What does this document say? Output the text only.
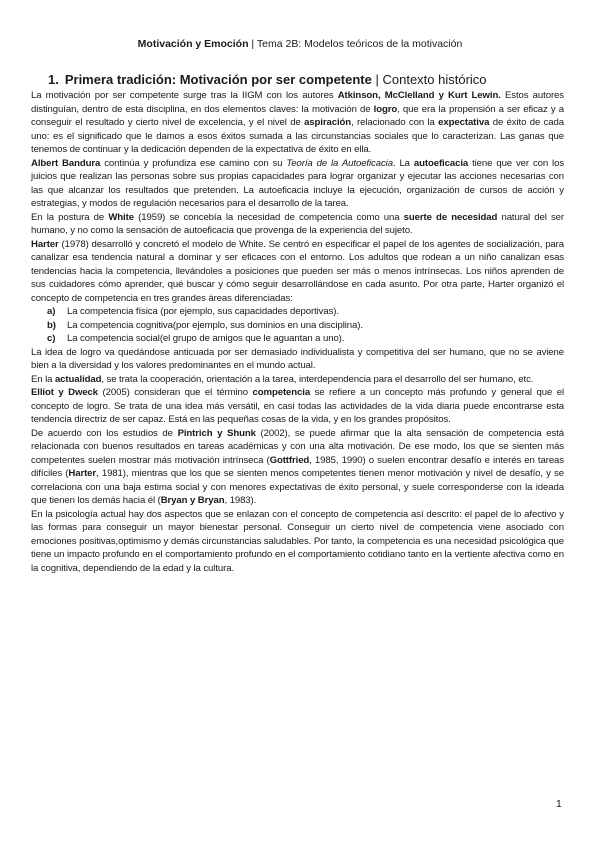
Motivación y Emoción | Tema 2B: Modelos teóricos de la motivación
1. Primera tradición: Motivación por ser competente | Contexto histórico

La motivación por ser competente surge tras la IIGM con los autores Atkinson, McClelland y Kurt Lewin. Estos autores distinguían, dentro de esta disciplina, en dos elementos claves: la motivación de logro, que era la propensión a ser eficaz y a conseguir el resultado y cierto nivel de excelencia, y el nivel de aspiración, relacionado con la expectativa de éxito de cada uno: es el significado que le damos a esos éxitos sumada a las circunstancias sociales que lo caracterizan. Las ganas que tenemos de continuar y la dedicación dependen de la expectativa de éxito en ella.

Albert Bandura continúa y profundiza ese camino con su Teoría de la Autoeficacia. La autoeficacia tiene que ver con los juicios que realizan las personas sobre sus propias capacidades para lograr organizar y ejecutar las acciones necesarias con las que alcanzar los resultados que pretenden. La autoeficacia incluye la ejecución, organización de cursos de acción y estrategias, y modos de regulación necesarios para el desarrollo de la tarea.

En la postura de White (1959) se concebía la necesidad de competencia como una suerte de necesidad natural del ser humano, y no como la sensación de autoeficacia que provenga de la experiencia del sujeto.

Harter (1978) desarrolló y concretó el modelo de White. Se centró en especificar el papel de los agentes de socialización, para canalizar esa tendencia natural a dominar y ser eficaces con el entorno. Los adultos que rodean a un niño canalizan esas tendencias hacia la competencia, llevándoles a posiciones que pueden ser más o menos intrínsecas. Los niños aprenden de sus cuidadores cómo aprender, qué buscar y cómo seguir desarrollándose en cada asunto. Por otra parte, Harter organizó el concepto de competencia en tres grandes áreas diferenciadas:

a) La competencia física (por ejemplo, sus capacidades deportivas).
b) La competencia cognitiva(por ejemplo, sus dominios en una disciplina).
c) La competencia social(el grupo de amigos que le aguantan a uno).

La idea de logro va quedándose anticuada por ser demasiado individualista y competitiva del ser humano, que no se aviene bien a la diversidad y los valores predominantes en el mundo actual.

En la actualidad, se trata la cooperación, orientación a la tarea, interdependencia para el desarrollo del ser humano, etc.

Elliot y Dweck (2005) consideran que el término competencia se refiere a un concepto más profundo y general que el concepto de logro. Se trata de una idea más versátil, en casi todas las actividades de la vida diaria puede encontrarse esta tendencia directriz de ser capaz. Está en las pequeñas cosas de la vida, y en los grandes propósitos.

De acuerdo con los estudios de Pintrich y Shunk (2002), se puede afirmar que la alta sensación de competencia está relacionada con buenos resultados en tareas académicas y con una alta motivación. De ese modo, los que se sienten más competentes suelen mostrar más motivación intrínseca (Gottfried, 1985, 1990) o suelen encontrar desafío e interés en tareas difíciles (Harter, 1981), mientras que los que se sienten menos competentes tienen menor motivación y nivel de desafío, y se correlaciona con una baja estima social y con menores expectativas de éxito personal, y suele corresponderse con la ideada que tienen los demás hacia él (Bryan y Bryan, 1983).

En la psicología actual hay dos aspectos que se enlazan con el concepto de competencia así descrito: el papel de lo afectivo y las formas para conseguir un mayor bienestar personal. Conseguir un cierto nivel de competencia viene asociado con emociones positivas,optimismo y demás circunstancias saludables. Por tanto, la competencia es una necesidad psicológica que tiene un impacto profundo en el comportamiento profundo en el comportamiento cotidiano tanto en la vertiente afectiva como en la cognitiva, dependiendo de la edad y la cultura.

1
